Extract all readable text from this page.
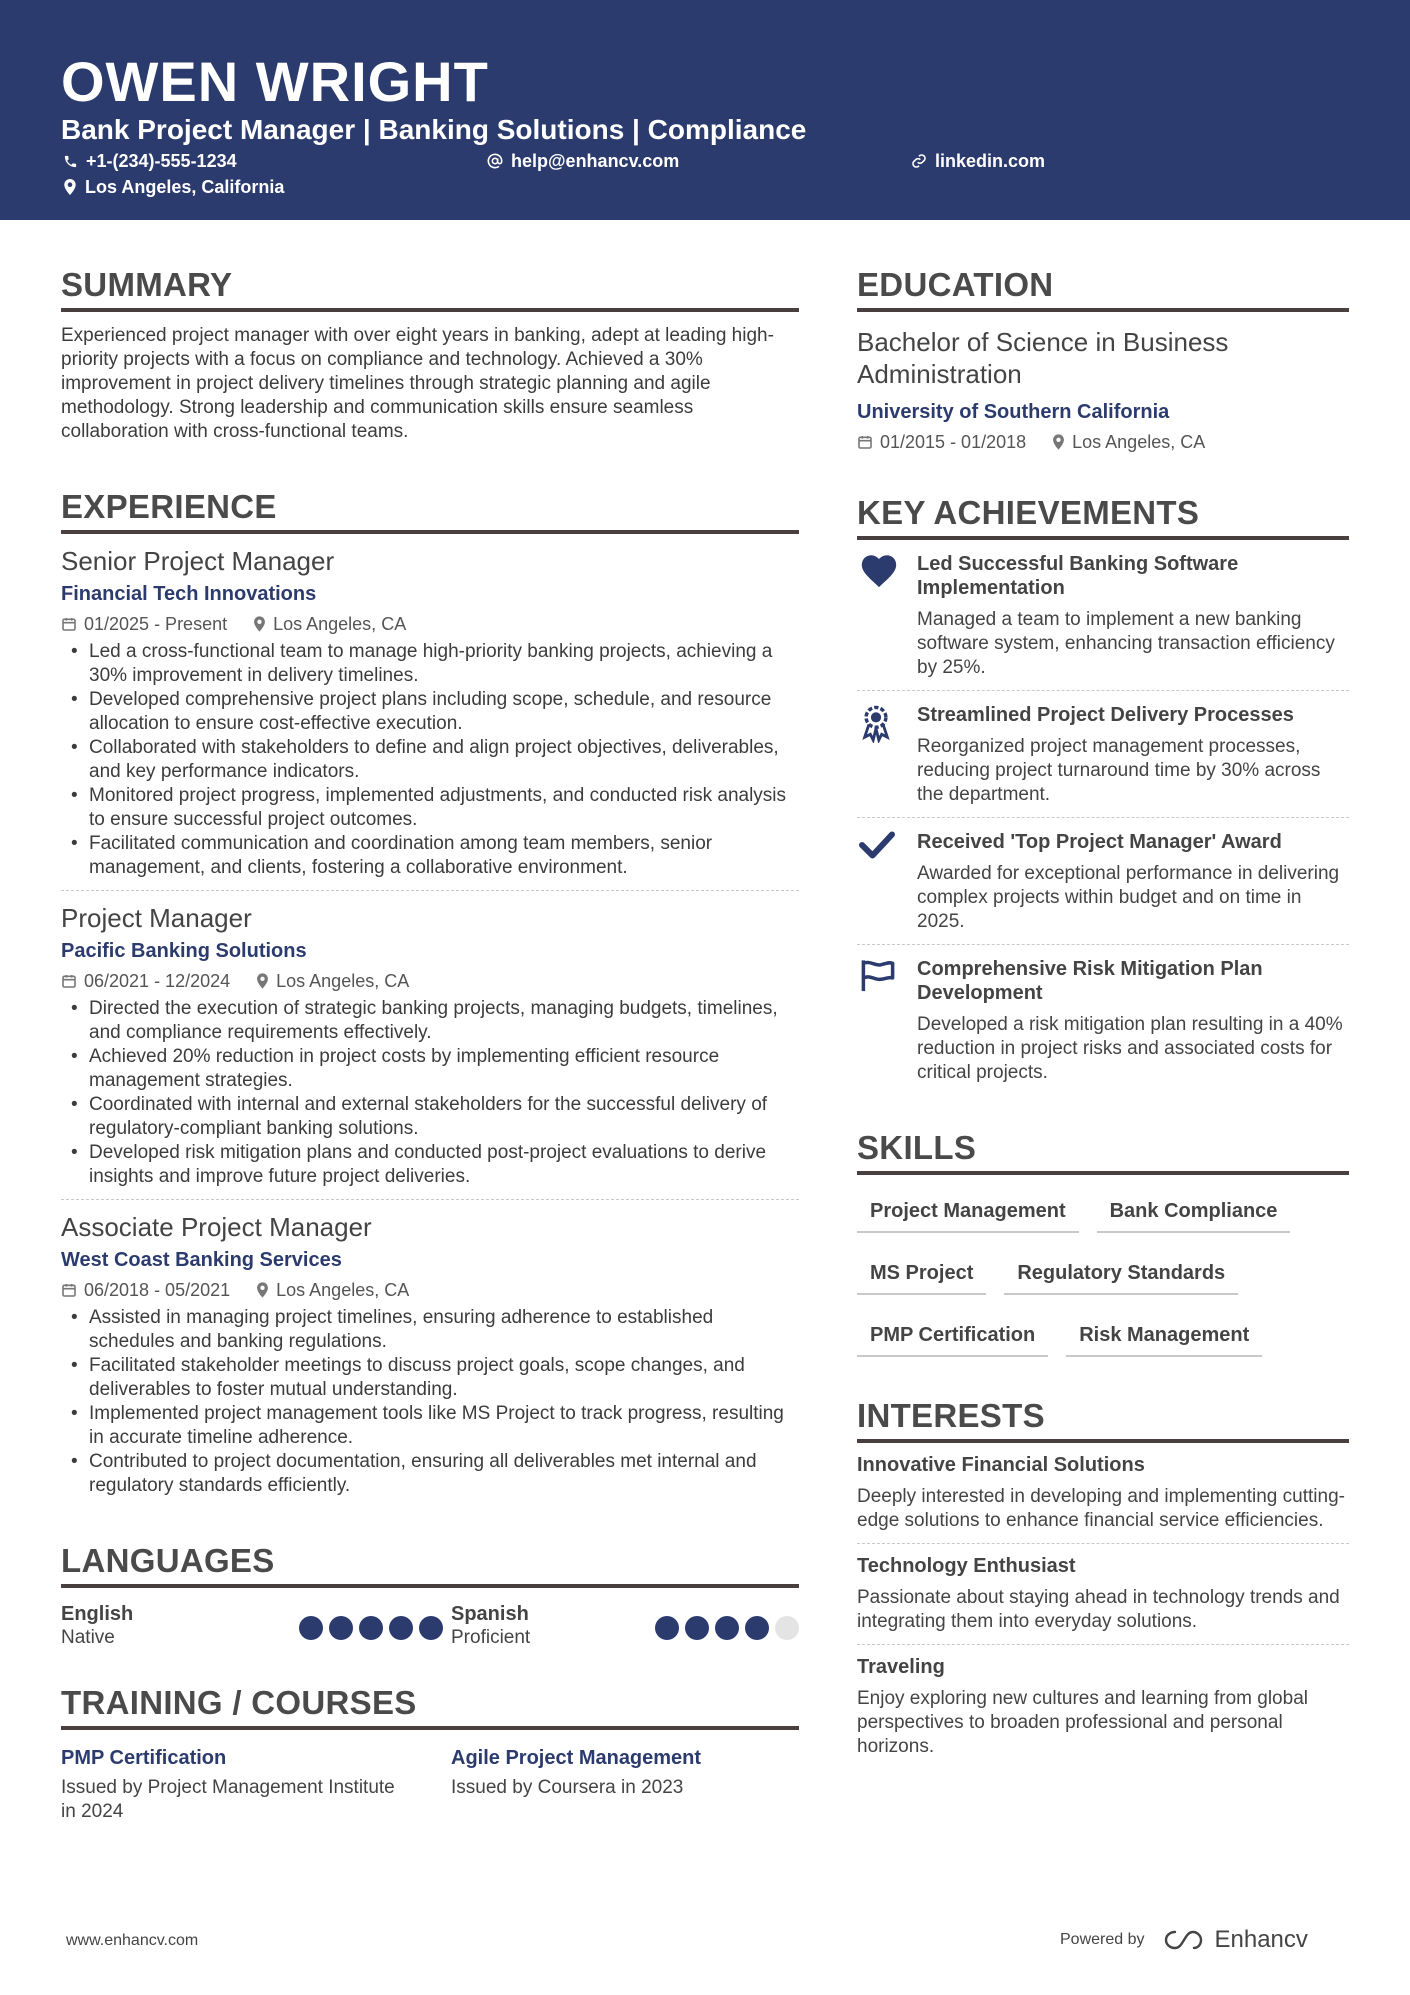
OWEN WRIGHT
Bank Project Manager | Banking Solutions | Compliance
+1-(234)-555-1234	help@enhancv.com	linkedin.com
Los Angeles, California
SUMMARY
Experienced project manager with over eight years in banking, adept at leading high-priority projects with a focus on compliance and technology. Achieved a 30% improvement in project delivery timelines through strategic planning and agile methodology. Strong leadership and communication skills ensure seamless collaboration with cross-functional teams.
EXPERIENCE
Senior Project Manager
Financial Tech Innovations
01/2025 - Present	Los Angeles, CA
• Led a cross-functional team to manage high-priority banking projects, achieving a 30% improvement in delivery timelines.
• Developed comprehensive project plans including scope, schedule, and resource allocation to ensure cost-effective execution.
• Collaborated with stakeholders to define and align project objectives, deliverables, and key performance indicators.
• Monitored project progress, implemented adjustments, and conducted risk analysis to ensure successful project outcomes.
• Facilitated communication and coordination among team members, senior management, and clients, fostering a collaborative environment.
Project Manager
Pacific Banking Solutions
06/2021 - 12/2024	Los Angeles, CA
• Directed the execution of strategic banking projects, managing budgets, timelines, and compliance requirements effectively.
• Achieved 20% reduction in project costs by implementing efficient resource management strategies.
• Coordinated with internal and external stakeholders for the successful delivery of regulatory-compliant banking solutions.
• Developed risk mitigation plans and conducted post-project evaluations to derive insights and improve future project deliveries.
Associate Project Manager
West Coast Banking Services
06/2018 - 05/2021	Los Angeles, CA
• Assisted in managing project timelines, ensuring adherence to established schedules and banking regulations.
• Facilitated stakeholder meetings to discuss project goals, scope changes, and deliverables to foster mutual understanding.
• Implemented project management tools like MS Project to track progress, resulting in accurate timeline adherence.
• Contributed to project documentation, ensuring all deliverables met internal and regulatory standards efficiently.
LANGUAGES
English
Native
Spanish
Proficient
TRAINING / COURSES
PMP Certification
Issued by Project Management Institute in 2024
Agile Project Management
Issued by Coursera in 2023
EDUCATION
Bachelor of Science in Business Administration
University of Southern California
01/2015 - 01/2018	Los Angeles, CA
KEY ACHIEVEMENTS
Led Successful Banking Software Implementation
Managed a team to implement a new banking software system, enhancing transaction efficiency by 25%.
Streamlined Project Delivery Processes
Reorganized project management processes, reducing project turnaround time by 30% across the department.
Received 'Top Project Manager' Award
Awarded for exceptional performance in delivering complex projects within budget and on time in 2025.
Comprehensive Risk Mitigation Plan Development
Developed a risk mitigation plan resulting in a 40% reduction in project risks and associated costs for critical projects.
SKILLS
Project Management	Bank Compliance
MS Project	Regulatory Standards
PMP Certification	Risk Management
INTERESTS
Innovative Financial Solutions
Deeply interested in developing and implementing cutting-edge solutions to enhance financial service efficiencies.
Technology Enthusiast
Passionate about staying ahead in technology trends and integrating them into everyday solutions.
Traveling
Enjoy exploring new cultures and learning from global perspectives to broaden professional and personal horizons.
www.enhancv.com	Powered by	Enhancv
